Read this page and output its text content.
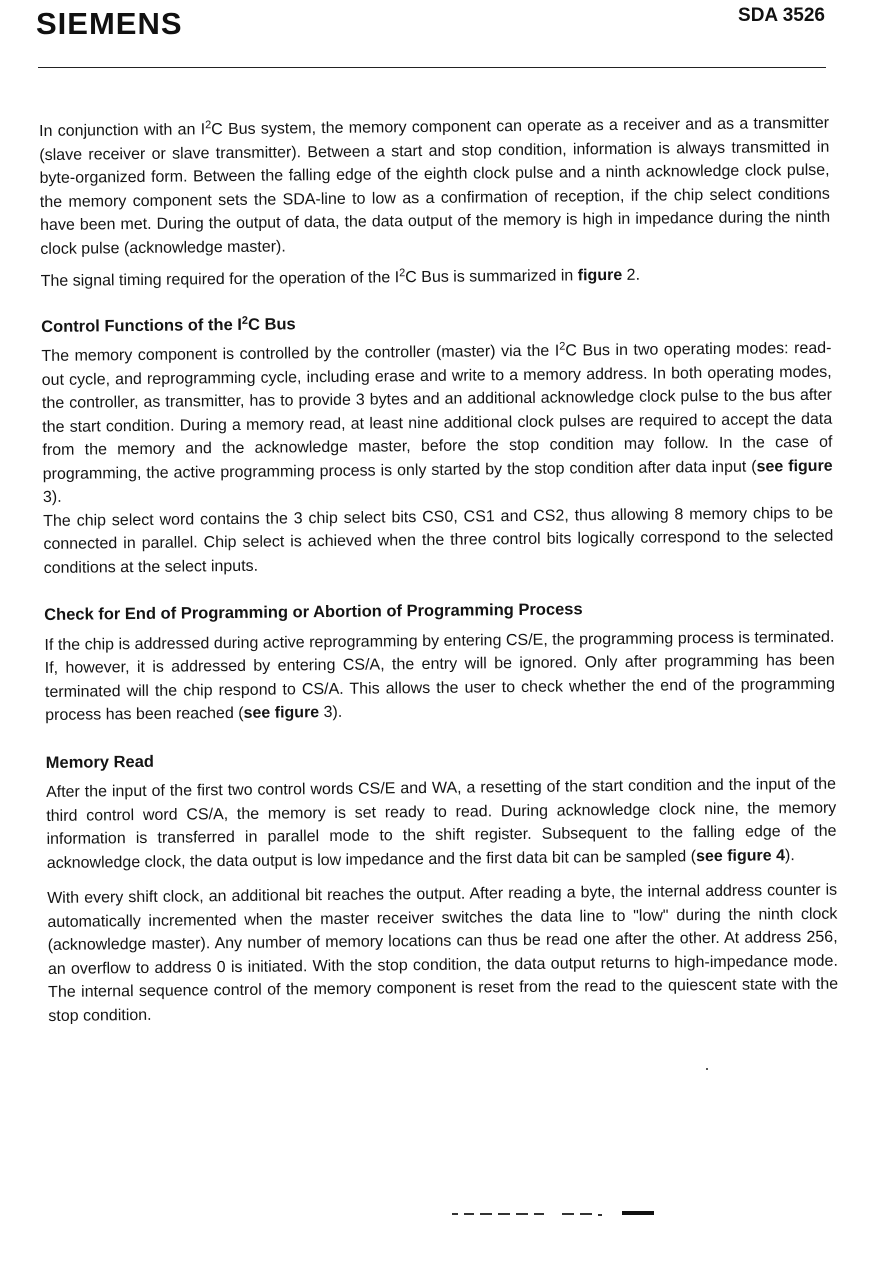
SIEMENS	SDA 3526

In conjunction with an $I^2C$ Bus system, the memory component can operate as a receiver and as a transmitter (slave receiver or slave transmitter). Between a start and stop condition, information is always transmitted in byte-organized form. Between the falling edge of the eighth clock pulse and a ninth acknowledge clock pulse, the memory component sets the SDA-line to low as a confirmation of reception, if the chip select conditions have been met. During the output of data, the data output of the memory is high in impedance during the ninth clock pulse (acknowledge master).

The signal timing required for the operation of the $I^2C$ Bus is summarized in figure 2.

Control Functions of the $I^2C$ Bus

The memory component is controlled by the controller (master) via the $I^2C$ Bus in two operating modes: read-out cycle, and reprogramming cycle, including erase and write to a memory address. In both operating modes, the controller, as transmitter, has to provide 3 bytes and an additional acknowledge clock pulse to the bus after the start condition. During a memory read, at least nine additional clock pulses are required to accept the data from the memory and the acknowledge master, before the stop condition may follow. In the case of programming, the active programming process is only started by the stop condition after data input (see figure 3).

The chip select word contains the 3 chip select bits CS0, CS1 and CS2, thus allowing 8 memory chips to be connected in parallel. Chip select is achieved when the three control bits logically correspond to the selected conditions at the select inputs.

Check for End of Programming or Abortion of Programming Process

If the chip is addressed during active reprogramming by entering CS/E, the programming process is terminated. If, however, it is addressed by entering CS/A, the entry will be ignored. Only after programming has been terminated will the chip respond to CS/A. This allows the user to check whether the end of the programming process has been reached (see figure 3).

Memory Read

After the input of the first two control words CS/E and WA, a resetting of the start condition and the input of the third control word CS/A, the memory is set ready to read. During acknowledge clock nine, the memory information is transferred in parallel mode to the shift register. Subsequent to the falling edge of the acknowledge clock, the data output is low impedance and the first data bit can be sampled (see figure 4).

With every shift clock, an additional bit reaches the output. After reading a byte, the internal address counter is automatically incremented when the master receiver switches the data line to "low" during the ninth clock (acknowledge master). Any number of memory locations can thus be read one after the other. At address 256, an overflow to address 0 is initiated. With the stop condition, the data output returns to high-impedance mode. The internal sequence control of the memory component is reset from the read to the quiescent state with the stop condition.
